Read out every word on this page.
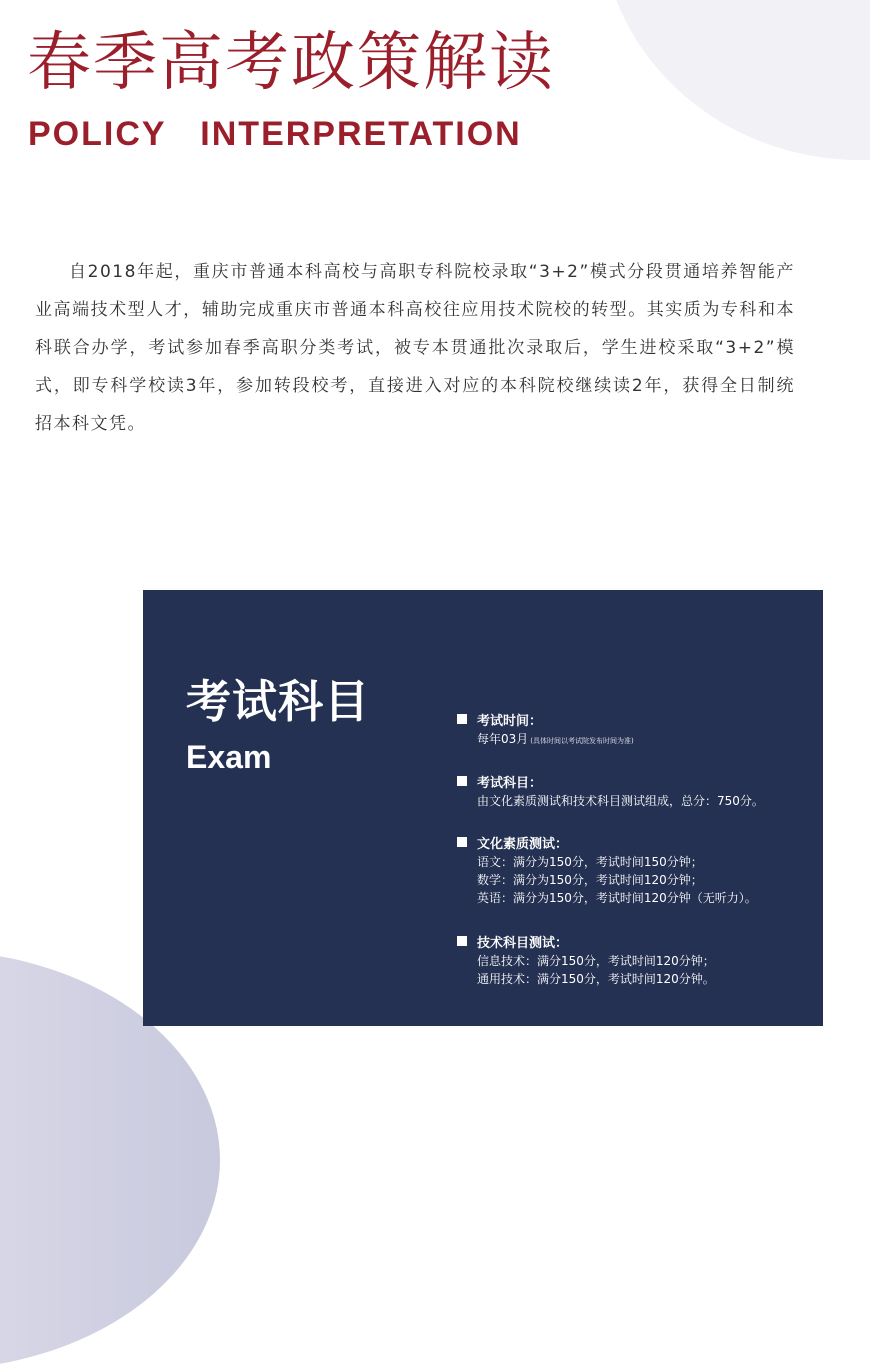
春季高考政策解读
POLICY   INTERPRETATION

自2018年起，重庆市普通本科高校与高职专科院校录取“3+2”模式分段贯通培养智能产业高端技术型人才，辅助完成重庆市普通本科高校往应用技术院校的转型。其实质为专科和本科联合办学，考试参加春季高职分类考试，被专本贯通批次录取后，学生进校采取“3+2”模式，即专科学校读3年，参加转段校考，直接进入对应的本科院校继续读2年，获得全日制统招本科文凭。

考试科目
Exam
考试时间：
每年03月 (具体时间以考试院发布时间为准)
考试科目：
由文化素质测试和技术科目测试组成，总分：750分。
文化素质测试：
语文：满分为150分，考试时间150分钟；
数学：满分为150分，考试时间120分钟；
英语：满分为150分，考试时间120分钟（无听力）。
技术科目测试：
信息技术：满分150分，考试时间120分钟；
通用技术：满分150分，考试时间120分钟。
